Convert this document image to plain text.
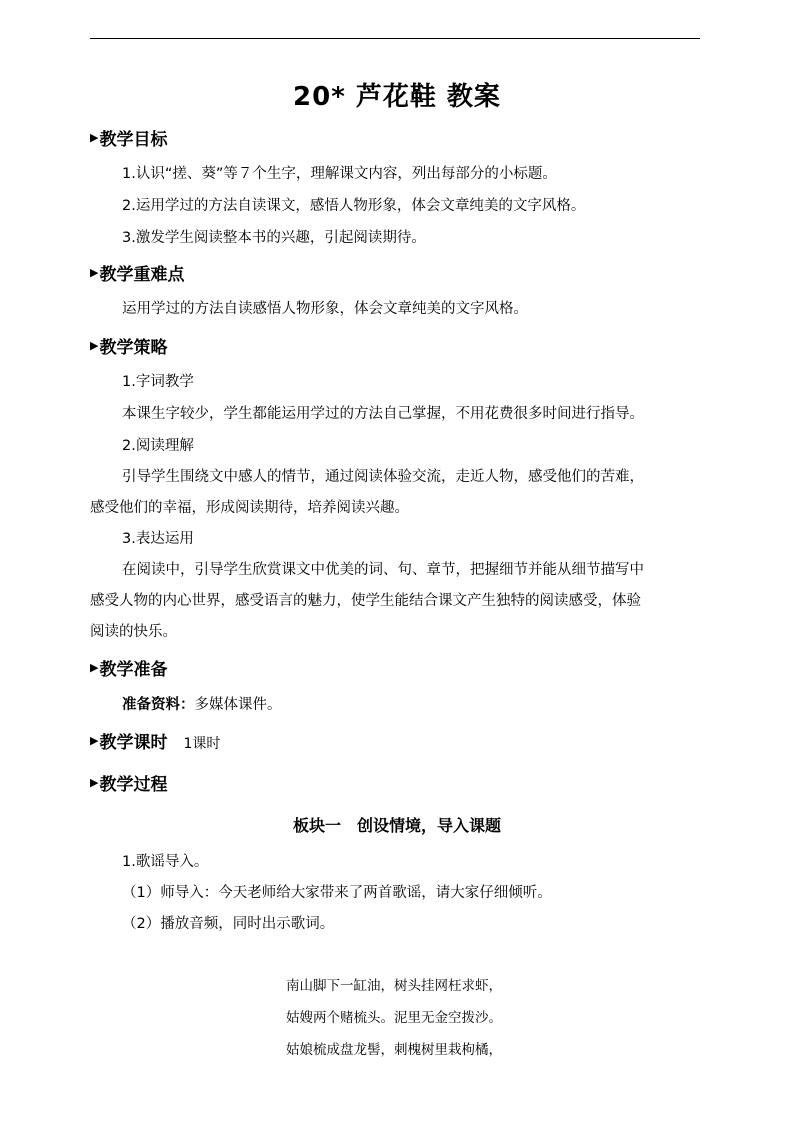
20* 芦花鞋 教案
▶教学目标
1.认识“搓、葵”等７个生字，理解课文内容，列出每部分的小标题。
2.运用学过的方法自读课文，感悟人物形象，体会文章纯美的文字风格。
3.激发学生阅读整本书的兴趣，引起阅读期待。
▶教学重难点
运用学过的方法自读感悟人物形象，体会文章纯美的文字风格。
▶教学策略
1.字词教学
本课生字较少，学生都能运用学过的方法自己掌握，不用花费很多时间进行指导。
2.阅读理解
引导学生围绕文中感人的情节，通过阅读体验交流，走近人物，感受他们的苦难，
感受他们的幸福，形成阅读期待，培养阅读兴趣。
3.表达运用
在阅读中，引导学生欣赏课文中优美的词、句、章节，把握细节并能从细节描写中
感受人物的内心世界，感受语言的魅力，使学生能结合课文产生独特的阅读感受，体验
阅读的快乐。
▶教学准备
准备资料：多媒体课件。
▶教学课时 1课时
▶教学过程
板块一　创设情境，导入课题
1.歌谣导入。
（1）师导入：今天老师给大家带来了两首歌谣，请大家仔细倾听。
（2）播放音频，同时出示歌词。
南山脚下一缸油，树头挂网枉求虾，
姑嫂两个赌梳头。泥里无金空拨沙。
姑娘梳成盘龙髻，刺槐树里栽枸橘，
